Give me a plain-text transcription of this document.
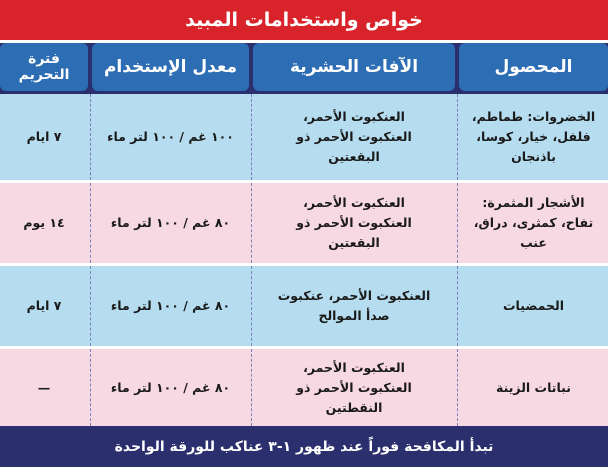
خواص واستخدامات المبيد
المحصول
الآفات الحشرية
معدل الإستخدام
فترة
التحريم
الخضروات: طماطم، فلفل، خيار، كوسا، باذنجان
العنكبوت الأحمر، العنكبوت الأحمر ذو البقعتين
١٠٠ غم / ١٠٠ لتر ماء
٧ ايام
الأشجار المثمرة: تفاح، كمثرى، دراق، عنب
العنكبوت الأحمر، العنكبوت الأحمر ذو البقعتين
٨٠ غم / ١٠٠ لتر ماء
١٤ يوم
الحمضيات
العنكبوت الأحمر، عنكبوت صدأ الموالح
٨٠ غم / ١٠٠ لتر ماء
٧ ايام
نباتات الزينة
العنكبوت الأحمر، العنكبوت الأحمر ذو النقطتين
٨٠ غم / ١٠٠ لتر ماء
—
تبدأ المكافحة فوراً عند ظهور ١-٣ عناكب للورقة الواحدة
